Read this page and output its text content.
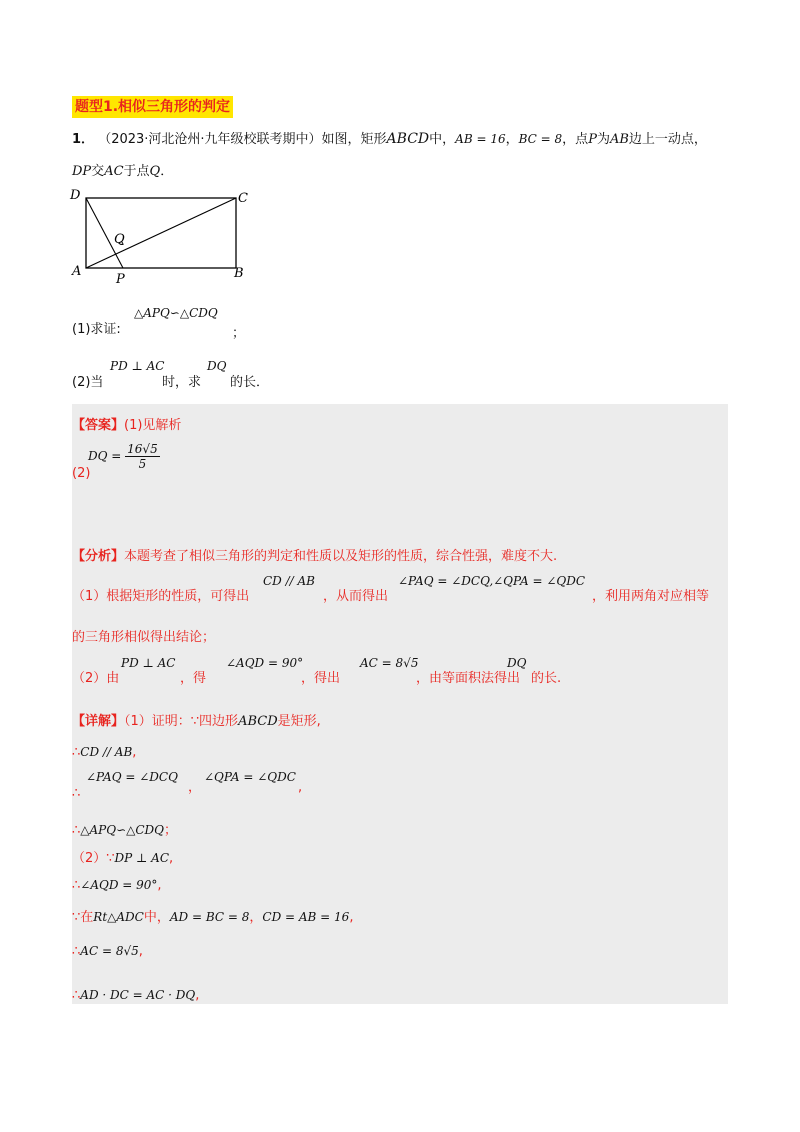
题型1.相似三角形的判定
1． （2023·河北沧州·九年级校联考期中）如图，矩形ABCD中，AB = 16，BC = 8，点P为AB边上一动点，
DP交AC于点Q．
D	C
A	B
Q
P
(1)求证:
△APQ∽△CDQ
；
(2)当
PD ⊥ AC
时，求
DQ
的长．
【答案】(1)见解析
(2)
DQ = $\frac{16√5}{5}$
【分析】本题考查了相似三角形的判定和性质以及矩形的性质，综合性强，难度不大.
（1）根据矩形的性质，可得出
CD // AB
，从而得出
∠PAQ = ∠DCQ,∠QPA = ∠QDC
，利用两角对应相等
的三角形相似得出结论；
（2）由
PD ⊥ AC
，得
∠AQD = 90°
，得出
AC = 8√5
，由等面积法得出
DQ
的长.
【详解】（1）证明：∵四边形ABCD是矩形,
∴CD // AB,
∴
∠PAQ = ∠DCQ
，
∠QPA = ∠QDC
,
∴△APQ∽△CDQ；
（2）∵DP ⊥ AC,
∴∠AQD = 90°,
∵在Rt△ADC中，AD = BC = 8，CD = AB = 16,
∴AC = 8√5,
∴AD · DC = AC · DQ,
